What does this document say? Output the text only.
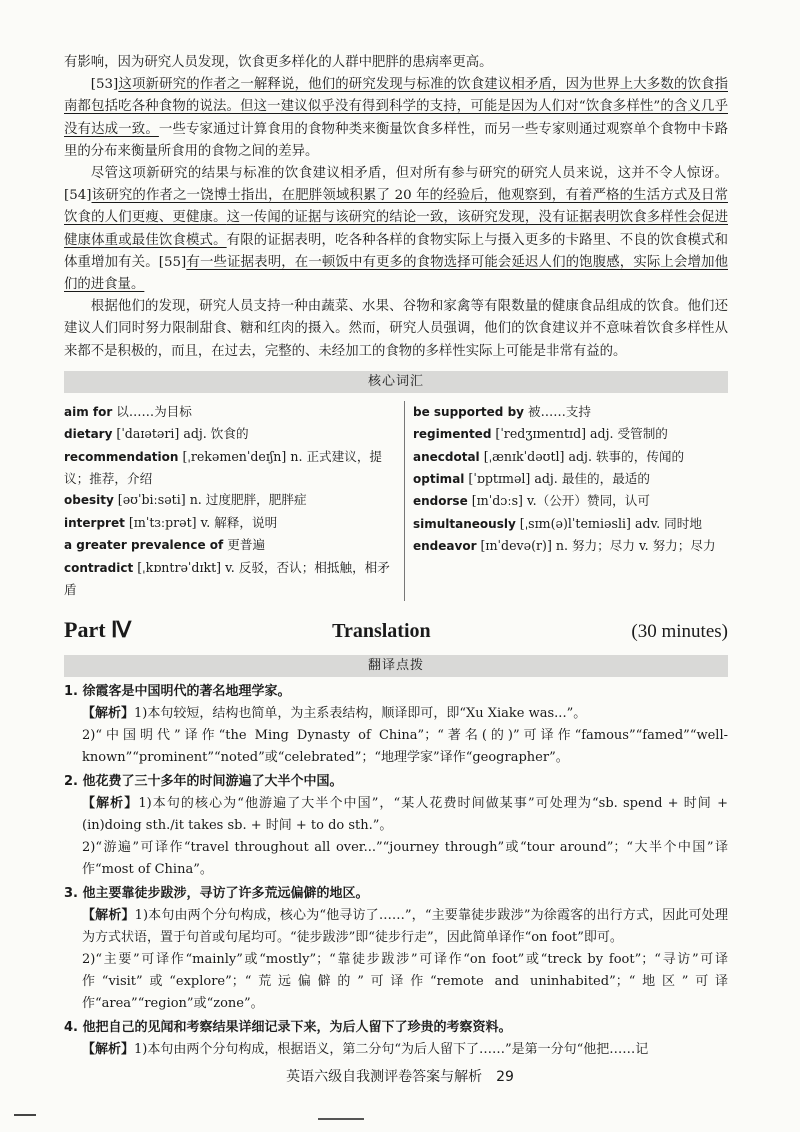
有影响，因为研究人员发现，饮食更多样化的人群中肥胖的患病率更高。

[53]这项新研究的作者之一解释说，他们的研究发现与标准的饮食建议相矛盾，因为世界上大多数的饮食指南都包括吃各种食物的说法。但这一建议似乎没有得到科学的支持，可能是因为人们对“饮食多样性”的含义几乎没有达成一致。一些专家通过计算食用的食物种类来衡量饮食多样性，而另一些专家则通过观察单个食物中卡路里的分布来衡量所食用的食物之间的差异。

尽管这项新研究的结果与标准的饮食建议相矛盾，但对所有参与研究的研究人员来说，这并不令人惊讶。[54]该研究的作者之一饶博士指出，在肥胖领域积累了 20 年的经验后，他观察到，有着严格的生活方式及日常饮食的人们更瘦、更健康。这一传闻的证据与该研究的结论一致，该研究发现，没有证据表明饮食多样性会促进健康体重或最佳饮食模式。有限的证据表明，吃各种各样的食物实际上与摄入更多的卡路里、不良的饮食模式和体重增加有关。[55]有一些证据表明，在一顿饭中有更多的食物选择可能会延迟人们的饱腹感，实际上会增加他们的进食量。

根据他们的发现，研究人员支持一种由蔬菜、水果、谷物和家禽等有限数量的健康食品组成的饮食。他们还建议人们同时努力限制甜食、糖和红肉的摄入。然而，研究人员强调，他们的饮食建议并不意味着饮食多样性从来都不是积极的，而且，在过去，完整的、未经加工的食物的多样性实际上可能是非常有益的。

核心词汇
aim for 以……为目标
dietary [ˈdaɪətəri] adj. 饮食的
recommendation [ˌrekəmenˈdeɪʃn] n. 正式建议，提议；推荐，介绍
obesity [əʊˈbiːsəti] n. 过度肥胖，肥胖症
interpret [ɪnˈtɜːprət] v. 解释，说明
a greater prevalence of 更普遍
contradict [ˌkɒntrəˈdɪkt] v. 反驳，否认；相抵触，相矛盾
be supported by 被……支持
regimented [ˈredʒɪmentɪd] adj. 受管制的
anecdotal [ˌænɪkˈdəʊtl] adj. 轶事的，传闻的
optimal [ˈɒptɪməl] adj. 最佳的，最适的
endorse [ɪnˈdɔːs] v.（公开）赞同，认可
simultaneously [ˌsɪm(ə)lˈteɪniəsli] adv. 同时地
endeavor [ɪnˈdevə(r)] n. 努力；尽力 v. 努力；尽力
Part Ⅳ	Translation	(30 minutes)
翻译点拨
1. 徐霞客是中国明代的著名地理学家。

【解析】1)本句较短，结构也简单，为主系表结构，顺译即可，即“Xu Xiake was...”。

2)“中国明代”译作“the Ming Dynasty of China”；“著名(的)”可译作“famous”“famed”“well-known”“prominent”“noted”或“celebrated”；“地理学家”译作“geographer”。

2. 他花费了三十多年的时间游遍了大半个中国。

【解析】1)本句的核心为“他游遍了大半个中国”，“某人花费时间做某事”可处理为“sb. spend + 时间 + (in)doing sth./it takes sb. + 时间 + to do sth.”。

2)“游遍”可译作“travel throughout all over...”“journey through”或“tour around”；“大半个中国”译作“most of China”。

3. 他主要靠徒步跋涉，寻访了许多荒远偏僻的地区。

【解析】1)本句由两个分句构成，核心为“他寻访了……”，“主要靠徒步跋涉”为徐霞客的出行方式，因此可处理为方式状语，置于句首或句尾均可。“徒步跋涉”即“徒步行走”，因此简单译作“on foot”即可。

2)“主要”可译作“mainly”或“mostly”；“靠徒步跋涉”可译作“on foot”或“treck by foot”；“寻访”可译作“visit”或“explore”；“荒远偏僻的”可译作“remote and uninhabited”；“地区”可译作“area”“region”或“zone”。

4. 他把自己的见闻和考察结果详细记录下来，为后人留下了珍贵的考察资料。

【解析】1)本句由两个分句构成，根据语义，第二分句“为后人留下了……”是第一分句“他把……记

英语六级自我测评卷答案与解析　29
